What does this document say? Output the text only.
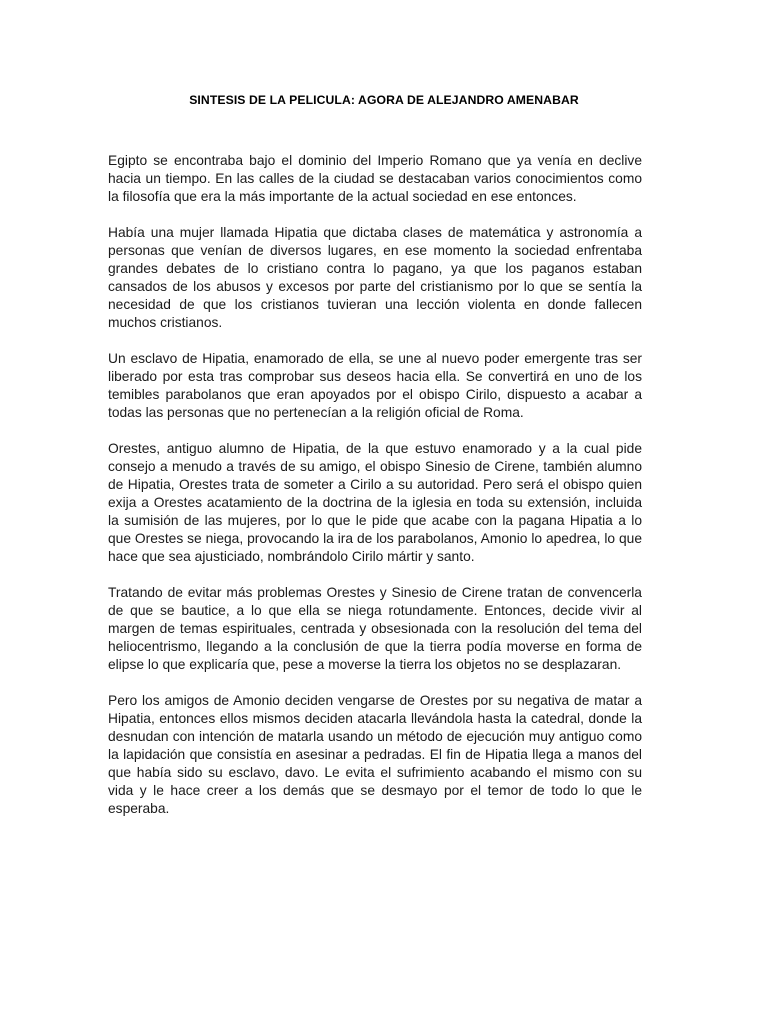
SINTESIS DE LA PELICULA: AGORA DE ALEJANDRO AMENABAR

Egipto se encontraba bajo el dominio del Imperio Romano que ya venía en declive hacia un tiempo. En las calles de la ciudad se destacaban varios conocimientos como la filosofía que era la más importante de la actual sociedad en ese entonces.

Había una mujer llamada Hipatia que dictaba clases de matemática y astronomía a personas que venían de diversos lugares, en ese momento la sociedad enfrentaba grandes debates de lo cristiano contra lo pagano, ya que los paganos estaban cansados de los abusos y excesos por parte del cristianismo por lo que se sentía la necesidad de que los cristianos tuvieran una lección violenta en donde fallecen muchos cristianos.

Un esclavo de Hipatia, enamorado de ella, se une al nuevo poder emergente tras ser liberado por esta tras comprobar sus deseos hacia ella. Se convertirá en uno de los temibles parabolanos que eran apoyados por el obispo Cirilo, dispuesto a acabar a todas las personas que no pertenecían a la religión oficial de Roma.

Orestes, antiguo alumno de Hipatia, de la que estuvo enamorado y a la cual pide consejo a menudo a través de su amigo, el obispo Sinesio de Cirene, también alumno de Hipatia, Orestes trata de someter a Cirilo a su autoridad. Pero será el obispo quien exija a Orestes acatamiento de la doctrina de la iglesia en toda su extensión, incluida la sumisión de las mujeres, por lo que le pide que acabe con la pagana Hipatia a lo que Orestes se niega, provocando la ira de los parabolanos, Amonio lo apedrea, lo que hace que sea ajusticiado, nombrándolo Cirilo mártir y santo.

Tratando de evitar más problemas Orestes y Sinesio de Cirene tratan de convencerla de que se bautice, a lo que ella se niega rotundamente. Entonces, decide vivir al margen de temas espirituales, centrada y obsesionada con la resolución del tema del heliocentrismo, llegando a la conclusión de que la tierra podía moverse en forma de elipse lo que explicaría que, pese a moverse la tierra los objetos no se desplazaran.

Pero los amigos de Amonio deciden vengarse de Orestes por su negativa de matar a Hipatia, entonces ellos mismos deciden atacarla llevándola hasta la catedral, donde la desnudan con intención de matarla usando un método de ejecución muy antiguo como la lapidación que consistía en asesinar a pedradas. El fin de Hipatia llega a manos del que había sido su esclavo, davo. Le evita el sufrimiento acabando el mismo con su vida y le hace creer a los demás que se desmayo por el temor de todo lo que le esperaba.
